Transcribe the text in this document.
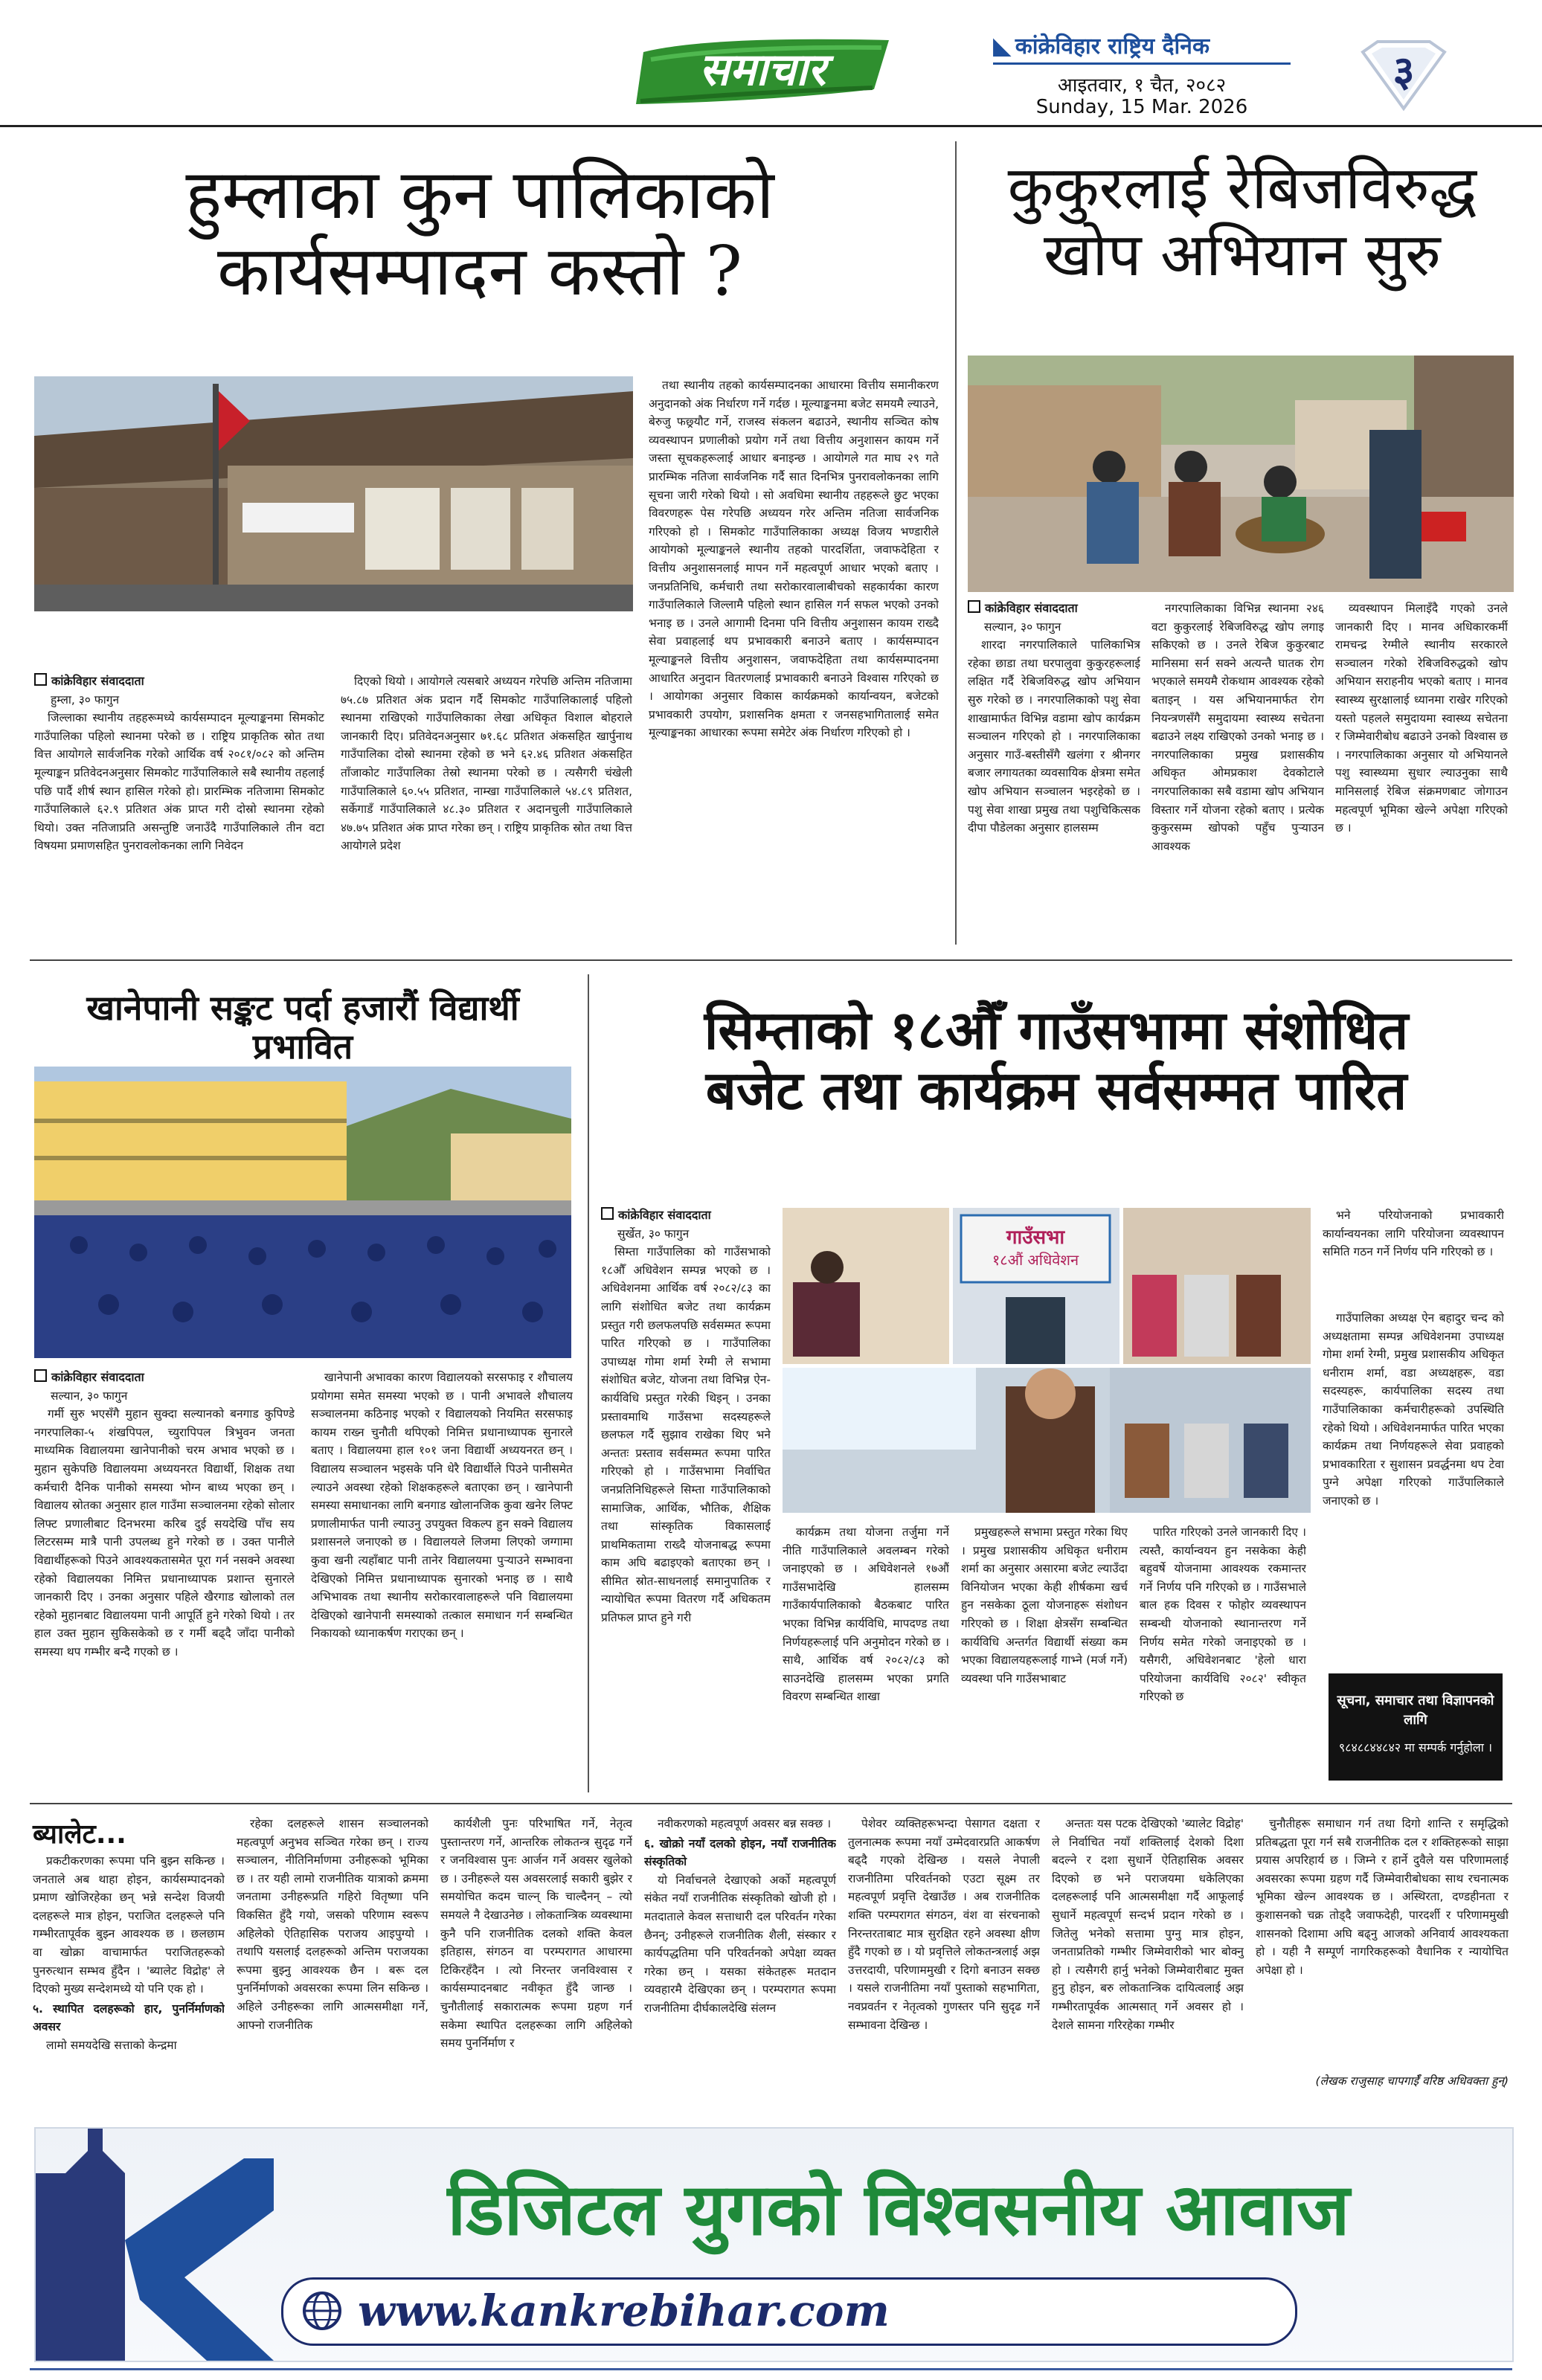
समाचार	◣ कांक्रेविहार राष्ट्रिय दैनिक
आइतवार, १ चैत, २०८२
Sunday, 15 Mar. 2026
३
हुम्लाका कुन पालिकाको
कार्यसम्पादन कस्तो ?
कांक्रेविहार संवाददाता
हुम्ला, ३० फागुन

जिल्लाका स्थानीय तहहरूमध्ये कार्यसम्पादन मूल्याङ्कनमा सिमकोट गाउँपालिका पहिलो स्थानमा परेको छ । राष्ट्रिय प्राकृतिक स्रोत तथा वित्त आयोगले सार्वजनिक गरेको आर्थिक वर्ष २०८१/०८२ को अन्तिम मूल्याङ्कन प्रतिवेदनअनुसार सिमकोट गाउँपालिकाले सबै स्थानीय तहलाई पछि पार्दै शीर्ष स्थान हासिल गरेको हो। प्रारम्भिक नतिजामा सिमकोट गाउँपालिकाले ६२.९ प्रतिशत अंक प्राप्त गरी दोस्रो स्थानमा रहेको थियो। उक्त नतिजाप्रति असन्तुष्टि जनाउँदै गाउँपालिकाले तीन वटा विषयमा प्रमाणसहित पुनरावलोकनका लागि निवेदन

दिएको थियो । आयोगले त्यसबारे अध्ययन गरेपछि अन्तिम नतिजामा ७५.८७ प्रतिशत अंक प्रदान गर्दै सिमकोट गाउँपालिकालाई पहिलो स्थानमा राखिएको गाउँपालिकाका लेखा अधिकृत विशाल बोहराले जानकारी दिए। प्रतिवेदनअनुसार ७१.६८ प्रतिशत अंकसहित खार्पुनाथ गाउँपालिका दोस्रो स्थानमा रहेको छ भने ६२.४६ प्रतिशत अंकसहित ताँजाकोट गाउँपालिका तेस्रो स्थानमा परेको छ । त्यसैगरी चंखेली गाउँपालिकाले ६०.५५ प्रतिशत, नाम्खा गाउँपालिकाले ५४.८९ प्रतिशत, सर्केगाडँ गाउँपालिकाले ४८.३० प्रतिशत र अदानचुली गाउँपालिकाले ४७.७५ प्रतिशत अंक प्राप्त गरेका छन् । राष्ट्रिय प्राकृतिक स्रोत तथा वित्त आयोगले प्रदेश

तथा स्थानीय तहको कार्यसम्पादनका आधारमा वित्तीय समानीकरण अनुदानको अंक निर्धारण गर्ने गर्दछ । मूल्याङ्कनमा बजेट समयमै ल्याउने, बेरुजु फछ्र्यौट गर्ने, राजस्व संकलन बढाउने, स्थानीय सञ्चित कोष व्यवस्थापन प्रणालीको प्रयोग गर्ने तथा वित्तीय अनुशासन कायम गर्ने जस्ता सूचकहरूलाई आधार बनाइन्छ । आयोगले गत माघ २९ गते प्रारम्भिक नतिजा सार्वजनिक गर्दै सात दिनभित्र पुनरावलोकनका लागि सूचना जारी गरेको थियो । सो अवधिमा स्थानीय तहहरूले छुट भएका विवरणहरू पेस गरेपछि अध्ययन गरेर अन्तिम नतिजा सार्वजनिक गरिएको हो । सिमकोट गाउँपालिकाका अध्यक्ष विजय भण्डारीले आयोगको मूल्याङ्कनले स्थानीय तहको पारदर्शिता, जवाफदेहिता र वित्तीय अनुशासनलाई मापन गर्ने महत्वपूर्ण आधार भएको बताए । जनप्रतिनिधि, कर्मचारी तथा सरोकारवालाबीचको सहकार्यका कारण गाउँपालिकाले जिल्लामै पहिलो स्थान हासिल गर्न सफल भएको उनको भनाइ छ । उनले आगामी दिनमा पनि वित्तीय अनुशासन कायम राख्दै सेवा प्रवाहलाई थप प्रभावकारी बनाउने बताए । कार्यसम्पादन मूल्याङ्कनले वित्तीय अनुशासन, जवाफदेहिता तथा कार्यसम्पादनमा आधारित अनुदान वितरणलाई प्रभावकारी बनाउने विश्वास गरिएको छ । आयोगका अनुसार विकास कार्यक्रमको कार्यान्वयन, बजेटको प्रभावकारी उपयोग, प्रशासनिक क्षमता र जनसहभागितालाई समेत मूल्याङ्कनका आधारका रूपमा समेटेर अंक निर्धारण गरिएको हो ।

कुकुरलाई रेबिजविरुद्ध
खोप अभियान सुरु
कांक्रेविहार संवाददाता
सल्यान, ३० फागुन

शारदा नगरपालिकाले पालिकाभित्र रहेका छाडा तथा घरपालुवा कुकुरहरूलाई लक्षित गर्दै रेबिजविरुद्ध खोप अभियान सुरु गरेको छ । नगरपालिकाको पशु सेवा शाखामार्फत विभिन्न वडामा खोप कार्यक्रम सञ्चालन गरिएको हो । नगरपालिकाका अनुसार गाउँ-बस्तीसँगै खलंगा र श्रीनगर बजार लगायतका व्यवसायिक क्षेत्रमा समेत खोप अभियान सञ्चालन भइरहेको छ । पशु सेवा शाखा प्रमुख तथा पशुचिकित्सक दीपा पौडेलका अनुसार हालसम्म

नगरपालिकाका विभिन्न स्थानमा २४६ वटा कुकुरलाई रेबिजविरुद्ध खोप लगाइ सकिएको छ । उनले रेबिज कुकुरबाट मानिसमा सर्न सक्ने अत्यन्तै घातक रोग भएकाले समयमै रोकथाम आवश्यक रहेको बताइन् । यस अभियानमार्फत रोग नियन्त्रणसँगै समुदायमा स्वास्थ्य सचेतना बढाउने लक्ष्य राखिएको उनको भनाइ छ । नगरपालिकाका प्रमुख प्रशासकीय अधिकृत ओमप्रकाश देवकोटाले नगरपालिकाका सबै वडामा खोप अभियान विस्तार गर्ने योजना रहेको बताए । प्रत्येक कुकुरसम्म खोपको पहुँच पुऱ्याउन आवश्यक

व्यवस्थापन मिलाइँदै गएको उनले जानकारी दिए । मानव अधिकारकर्मी रामचन्द्र रेग्मीले स्थानीय सरकारले सञ्चालन गरेको रेबिजविरुद्धको खोप अभियान सराहनीय भएको बताए । मानव स्वास्थ्य सुरक्षालाई ध्यानमा राखेर गरिएको यस्तो पहलले समुदायमा स्वास्थ्य सचेतना र जिम्मेवारीबोध बढाउने उनको विश्वास छ । नगरपालिकाका अनुसार यो अभियानले पशु स्वास्थ्यमा सुधार ल्याउनुका साथै मानिसलाई रेबिज संक्रमणबाट जोगाउन महत्वपूर्ण भूमिका खेल्ने अपेक्षा गरिएको छ ।

खानेपानी सङ्कट पर्दा हजारौं विद्यार्थी प्रभावित
कांक्रेविहार संवाददाता
सल्यान, ३० फागुन

गर्मी सुरु भएसँगै मुहान सुक्दा सल्यानको बनगाड कुपिण्डे नगरपालिका-५ शंखपिपल, च्युरापिपल त्रिभुवन जनता माध्यमिक विद्यालयमा खानेपानीको चरम अभाव भएको छ । मुहान सुकेपछि विद्यालयमा अध्ययनरत विद्यार्थी, शिक्षक तथा कर्मचारी दैनिक पानीको समस्या भोग्न बाध्य भएका छन् । विद्यालय स्रोतका अनुसार हाल गाउँमा सञ्चालनमा रहेको सोलार लिफ्ट प्रणालीबाट दिनभरमा करिब दुई सयदेखि पाँच सय लिटरसम्म मात्रै पानी उपलब्ध हुने गरेको छ । उक्त पानीले विद्यार्थीहरूको पिउने आवश्यकतासमेत पूरा गर्न नसक्ने अवस्था रहेको विद्यालयका निमित्त प्रधानाध्यापक प्रशान्त सुनारले जानकारी दिए । उनका अनुसार पहिले खैरगाड खोलाको तल रहेको मुहानबाट विद्यालयमा पानी आपूर्ति हुने गरेको थियो । तर हाल उक्त मुहान सुकिसकेको छ र गर्मी बढ्दै जाँदा पानीको समस्या थप गम्भीर बन्दै गएको छ ।

खानेपानी अभावका कारण विद्यालयको सरसफाइ र शौचालय प्रयोगमा समेत समस्या भएको छ । पानी अभावले शौचालय सञ्चालनमा कठिनाइ भएको र विद्यालयको नियमित सरसफाइ कायम राख्न चुनौती थपिएको निमित्त प्रधानाध्यापक सुनारले बताए । विद्यालयमा हाल १०१ जना विद्यार्थी अध्ययनरत छन् । विद्यालय सञ्चालन भइसके पनि धेरै विद्यार्थीले पिउने पानीसमेत ल्याउने अवस्था रहेको शिक्षकहरूले बताएका छन् । खानेपानी समस्या समाधानका लागि बनगाड खोलानजिक कुवा खनेर लिफ्ट प्रणालीमार्फत पानी ल्याउनु उपयुक्त विकल्प हुन सक्ने विद्यालय प्रशासनले जनाएको छ । विद्यालयले लिजमा लिएको जग्गामा कुवा खनी त्यहाँबाट पानी तानेर विद्यालयमा पुऱ्याउने सम्भावना देखिएको निमित्त प्रधानाध्यापक सुनारको भनाइ छ । साथै अभिभावक तथा स्थानीय सरोकारवालाहरूले पनि विद्यालयमा देखिएको खानेपानी समस्याको तत्काल समाधान गर्न सम्बन्धित निकायको ध्यानाकर्षण गराएका छन् ।

सिम्ताको १८औँ गाउँसभामा संशोधित
बजेट तथा कार्यक्रम सर्वसम्मत पारित
कांक्रेविहार संवाददाता
सुर्खेत, ३० फागुन

सिम्ता गाउँपालिका को गाउँसभाको १८औँ अधिवेशन सम्पन्न भएको छ । अधिवेशनमा आर्थिक वर्ष २०८२/८३ का लागि संशोधित बजेट तथा कार्यक्रम प्रस्तुत गरी छलफलपछि सर्वसम्मत रूपमा पारित गरिएको छ । गाउँपालिका उपाध्यक्ष गोमा शर्मा रेग्मी ले सभामा संशोधित बजेट, योजना तथा विभिन्न ऐन-कार्यविधि प्रस्तुत गरेकी थिइन् । उनका प्रस्तावमाथि गाउँसभा सदस्यहरूले छलफल गर्दै सुझाव राखेका थिए भने अन्ततः प्रस्ताव सर्वसम्मत रूपमा पारित गरिएको हो । गाउँसभामा निर्वाचित जनप्रतिनिधिहरूले सिम्ता गाउँपालिकाको सामाजिक, आर्थिक, भौतिक, शैक्षिक तथा सांस्कृतिक विकासलाई प्राथमिकतामा राख्दै योजनाबद्ध रूपमा काम अघि बढाइएको बताएका छन् । सीमित स्रोत-साधनलाई समानुपातिक र न्यायोचित रूपमा वितरण गर्दै अधिकतम प्रतिफल प्राप्त हुने गरी

गाउँसभा
१८औं अधिवेशन

कार्यक्रम तथा योजना तर्जुमा गर्ने नीति गाउँपालिकाले अवलम्बन गरेको जनाइएको छ । अधिवेशनले १७औं गाउँसभादेखि हालसम्म गाउँकार्यपालिकाको बैठकबाट पारित भएका विभिन्न कार्यविधि, मापदण्ड तथा निर्णयहरूलाई पनि अनुमोदन गरेको छ । साथै, आर्थिक वर्ष २०८२/८३ को साउनदेखि हालसम्म भएका प्रगति विवरण सम्बन्धित शाखा

प्रमुखहरूले सभामा प्रस्तुत गरेका थिए । प्रमुख प्रशासकीय अधिकृत धनीराम शर्मा का अनुसार असारमा बजेट ल्याउँदा विनियोजन भएका केही शीर्षकमा खर्च हुन नसकेका ठूला योजनाहरू संशोधन गरिएको छ । शिक्षा क्षेत्रसँग सम्बन्धित कार्यविधि अन्तर्गत विद्यार्थी संख्या कम भएका विद्यालयहरूलाई गाभ्ने (मर्ज गर्ने) व्यवस्था पनि गाउँसभाबाट

पारित गरिएको उनले जानकारी दिए । त्यस्तै, कार्यान्वयन हुन नसकेका केही बहुवर्षे योजनामा आवश्यक रकमान्तर गर्ने निर्णय पनि गरिएको छ । गाउँसभाले बाल हक दिवस र फोहोर व्यवस्थापन सम्बन्धी योजनाको स्थानान्तरण गर्ने निर्णय समेत गरेको जनाइएको छ । यसैगरी, अधिवेशनबाट 'हेलो धारा परियोजना कार्यविधि २०८२' स्वीकृत गरिएको छ

भने परियोजनाको प्रभावकारी कार्यान्वयनका लागि परियोजना व्यवस्थापन समिति गठन गर्ने निर्णय पनि गरिएको छ ।

गाउँपालिका अध्यक्ष ऐन बहादुर चन्द को अध्यक्षतामा सम्पन्न अधिवेशनमा उपाध्यक्ष गोमा शर्मा रेग्मी, प्रमुख प्रशासकीय अधिकृत धनीराम शर्मा, वडा अध्यक्षहरू, वडा सदस्यहरू, कार्यपालिका सदस्य तथा गाउँपालिकाका कर्मचारीहरूको उपस्थिति रहेको थियो । अधिवेशनमार्फत पारित भएका कार्यक्रम तथा निर्णयहरूले सेवा प्रवाहको प्रभावकारिता र सुशासन प्रवर्द्धनमा थप टेवा पुग्ने अपेक्षा गरिएको गाउँपालिकाले जनाएको छ ।

सूचना, समाचार तथा विज्ञापनको लागि
९८४८८४४८४२ मा सम्पर्क गर्नुहोला ।
ब्यालेट...

प्रकटीकरणका रूपमा पनि बुझ्न सकिन्छ । जनताले अब थाहा होइन, कार्यसम्पादनको प्रमाण खोजिरहेका छन् भन्ने सन्देश विजयी दलहरूले मात्र होइन, पराजित दलहरूले पनि गम्भीरतापूर्वक बुझ्न आवश्यक छ । छलछाम वा खोक्रा वाचामार्फत पराजितहरूको पुनरुत्थान सम्भव हुँदैन । 'ब्यालेट विद्रोह' ले दिएको मुख्य सन्देशमध्ये यो पनि एक हो ।

५. स्थापित दलहरूको हार, पुनर्निर्माणको अवसर

लामो समयदेखि सत्ताको केन्द्रमा

रहेका दलहरूले शासन सञ्चालनको महत्वपूर्ण अनुभव सञ्चित गरेका छन् । राज्य सञ्चालन, नीतिनिर्माणमा उनीहरूको भूमिका छ । तर यही लामो राजनीतिक यात्राको क्रममा जनतामा उनीहरूप्रति गहिरो वितृष्णा पनि विकसित हुँदै गयो, जसको परिणाम स्वरूप अहिलेको ऐतिहासिक पराजय आइपुग्यो । तथापि यसलाई दलहरूको अन्तिम पराजयका रूपमा बुझ्नु आवश्यक छैन । बरू दल पुनर्निर्माणको अवसरका रूपमा लिन सकिन्छ । अहिले उनीहरूका लागि आत्मसमीक्षा गर्ने, आफ्नो राजनीतिक

कार्यशैली पुनः परिभाषित गर्ने, नेतृत्व पुस्तान्तरण गर्ने, आन्तरिक लोकतन्त्र सुदृढ गर्ने र जनविश्वास पुनः आर्जन गर्ने अवसर खुलेको छ । उनीहरूले यस अवसरलाई सकारी बुझेर र समयोचित कदम चाल्न् कि चाल्दैनन् – त्यो समयले नै देखाउनेछ । लोकतान्त्रिक व्यवस्थामा कुनै पनि राजनीतिक दलको शक्ति केवल इतिहास, संगठन वा परम्परागत आधारमा टिकिरहँदैन । त्यो निरन्तर जनविश्वास र कार्यसम्पादनबाट नवीकृत हुँदै जान्छ । चुनौतीलाई सकारात्मक रूपमा ग्रहण गर्न सकेमा स्थापित दलहरूका लागि अहिलेको समय पुनर्निर्माण र

नवीकरणको महत्वपूर्ण अवसर बन्न सक्छ ।

६. खोक्रो नयाँ दलको होइन, नयाँ राजनीतिक संस्कृतिको

यो निर्वाचनले देखाएको अर्को महत्वपूर्ण संकेत नयाँ राजनीतिक संस्कृतिको खोजी हो । मतदाताले केवल सत्ताधारी दल परिवर्तन गरेका छैनन्; उनीहरूले राजनीतिक शैली, संस्कार र कार्यपद्धतिमा पनि परिवर्तनको अपेक्षा व्यक्त गरेका छन् । यसका संकेतहरू मतदान व्यवहारमै देखिएका छन् । परम्परागत रूपमा राजनीतिमा दीर्घकालदेखि संलग्न

पेशेवर व्यक्तिहरूभन्दा पेसागत दक्षता र तुलनात्मक रूपमा नयाँ उम्मेदवारप्रति आकर्षण बढ्दै गएको देखिन्छ । यसले नेपाली राजनीतिमा परिवर्तनको एउटा सूक्ष्म तर महत्वपूर्ण प्रवृत्ति देखाउँछ । अब राजनीतिक शक्ति परम्परागत संगठन, वंश वा संरचनाको निरन्तरताबाट मात्र सुरक्षित रहने अवस्था क्षीण हुँदै गएको छ । यो प्रवृत्तिले लोकतन्त्रलाई अझ उत्तरदायी, परिणाममुखी र दिगो बनाउन सक्छ । यसले राजनीतिमा नयाँ पुस्ताको सहभागिता, नवप्रवर्तन र नेतृत्वको गुणस्तर पनि सुदृढ गर्ने सम्भावना देखिन्छ ।

अन्ततः यस पटक देखिएको 'ब्यालेट विद्रोह' ले निर्वाचित नयाँ शक्तिलाई देशको दिशा बदल्ने र दशा सुधार्ने ऐतिहासिक अवसर दिएको छ भने पराजयमा धकेलिएका दलहरूलाई पनि आत्मसमीक्षा गर्दै आफूलाई सुधार्ने महत्वपूर्ण सन्दर्भ प्रदान गरेको छ । जितेलु भनेको सत्तामा पुग्नु मात्र होइन, जनताप्रतिको गम्भीर जिम्मेवारीको भार बोक्नु हो । त्यसैगरी हार्नु भनेको जिम्मेवारीबाट मुक्त हुनु होइन, बरु लोकतान्त्रिक दायित्वलाई अझ गम्भीरतापूर्वक आत्मसात् गर्ने अवसर हो । देशले सामना गरिरहेका गम्भीर

चुनौतीहरू समाधान गर्न तथा दिगो शान्ति र समृद्धिको प्रतिबद्धता पूरा गर्न सबै राजनीतिक दल र शक्तिहरूको साझा प्रयास अपरिहार्य छ । जिम्ने र हार्ने दुवैले यस परिणामलाई अवसरका रूपमा ग्रहण गर्दै जिम्मेवारीबोधका साथ रचनात्मक भूमिका खेल्न आवश्यक छ । अस्थिरता, दण्डहीनता र कुशासनको चक्र तोड्दै जवाफदेही, पारदर्शी र परिणाममुखी शासनको दिशामा अघि बढ्नु आजको अनिवार्य आवश्यकता हो । यही नै सम्पूर्ण नागरिकहरूको वैधानिक र न्यायोचित अपेक्षा हो ।

(लेखक राजुसाह चापगाईँ वरिष्ठ अधिवक्ता हुन्)
डिजिटल युगको विश्वसनीय आवाज
www.kankrebihar.com
